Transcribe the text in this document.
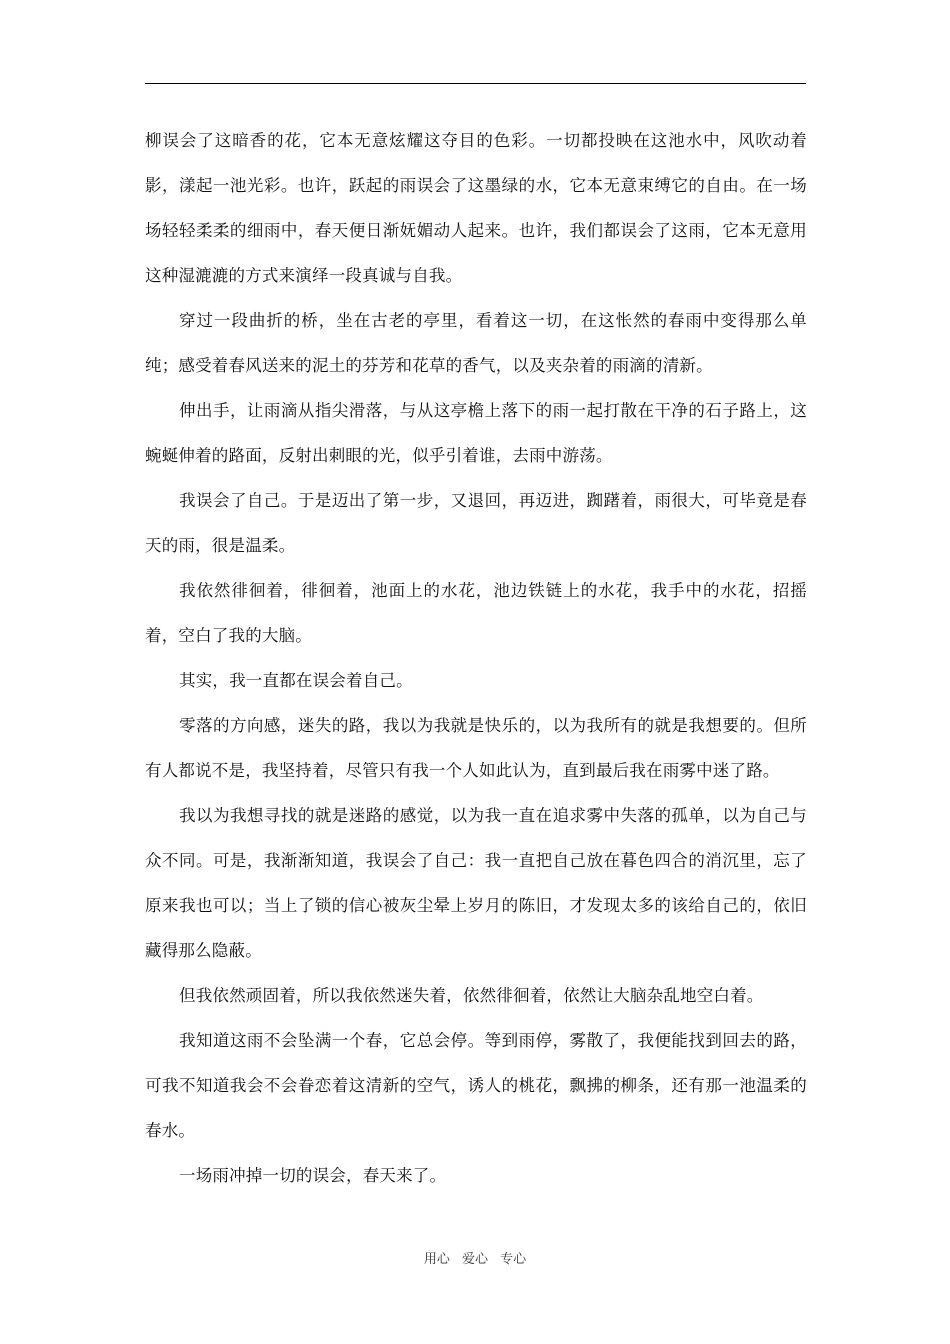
柳误会了这暗香的花，它本无意炫耀这夺目的色彩。一切都投映在这池水中，风吹动着影，漾起一池光彩。也许，跃起的雨误会了这墨绿的水，它本无意束缚它的自由。在一场场轻轻柔柔的细雨中，春天便日渐妩媚动人起来。也许，我们都误会了这雨，它本无意用这种湿漉漉的方式来演绎一段真诚与自我。

穿过一段曲折的桥，坐在古老的亭里，看着这一切，在这怅然的春雨中变得那么单纯；感受着春风送来的泥土的芬芳和花草的香气，以及夹杂着的雨滴的清新。

伸出手，让雨滴从指尖滑落，与从这亭檐上落下的雨一起打散在干净的石子路上，这蜿蜒伸着的路面，反射出刺眼的光，似乎引着谁，去雨中游荡。

我误会了自己。于是迈出了第一步，又退回，再迈进，踟躇着，雨很大，可毕竟是春天的雨，很是温柔。

我依然徘徊着，徘徊着，池面上的水花，池边铁链上的水花，我手中的水花，招摇着，空白了我的大脑。

其实，我一直都在误会着自己。

零落的方向感，迷失的路，我以为我就是快乐的，以为我所有的就是我想要的。但所有人都说不是，我坚持着，尽管只有我一个人如此认为，直到最后我在雨雾中迷了路。

我以为我想寻找的就是迷路的感觉，以为我一直在追求雾中失落的孤单，以为自己与众不同。可是，我渐渐知道，我误会了自己：我一直把自己放在暮色四合的消沉里，忘了原来我也可以；当上了锁的信心被灰尘晕上岁月的陈旧，才发现太多的该给自己的，依旧藏得那么隐蔽。

但我依然顽固着，所以我依然迷失着，依然徘徊着，依然让大脑杂乱地空白着。

我知道这雨不会坠满一个春，它总会停。等到雨停，雾散了，我便能找到回去的路，可我不知道我会不会眷恋着这清新的空气，诱人的桃花，飘拂的柳条，还有那一池温柔的春水。

一场雨冲掉一切的误会，春天来了。

用心 爱心 专心
